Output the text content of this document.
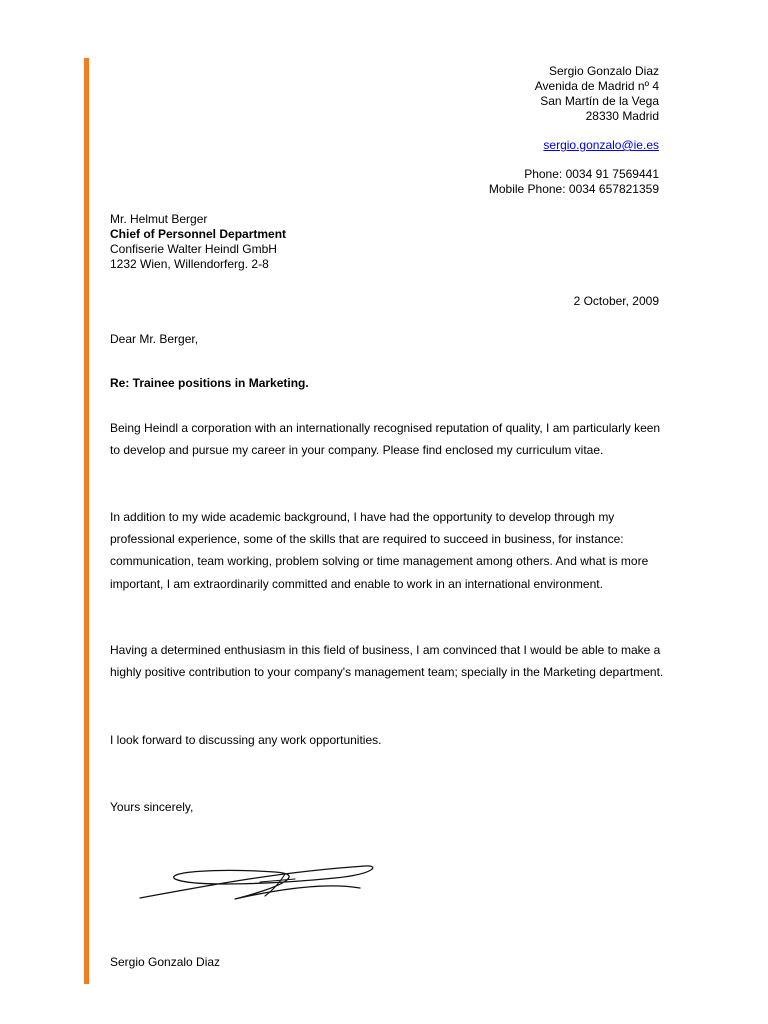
Sergio Gonzalo Diaz
Avenida de Madrid nº 4
San Martín de la Vega
28330 Madrid
sergio.gonzalo@ie.es
Phone: 0034 91 7569441
Mobile Phone: 0034 657821359
Mr. Helmut Berger
Chief of Personnel Department
Confiserie Walter Heindl GmbH
1232 Wien, Willendorferg. 2-8
2 October, 2009
Dear Mr. Berger,
Re: Trainee positions in Marketing.
Being Heindl a corporation with an internationally recognised reputation of quality, I am particularly keen to develop and pursue my career in your company. Please find enclosed my curriculum vitae.
In addition to my wide academic background, I have had the opportunity to develop through my professional experience, some of the skills that are required to succeed in business, for instance: communication, team working, problem solving or time management among others. And what is more important, I am extraordinarily committed and enable to work in an international environment.
Having a determined enthusiasm in this field of business, I am convinced that I would be able to make a highly positive contribution to your company's management team; specially in the Marketing department.
I look forward to discussing any work opportunities.
Yours sincerely,
Sergio Gonzalo Diaz
